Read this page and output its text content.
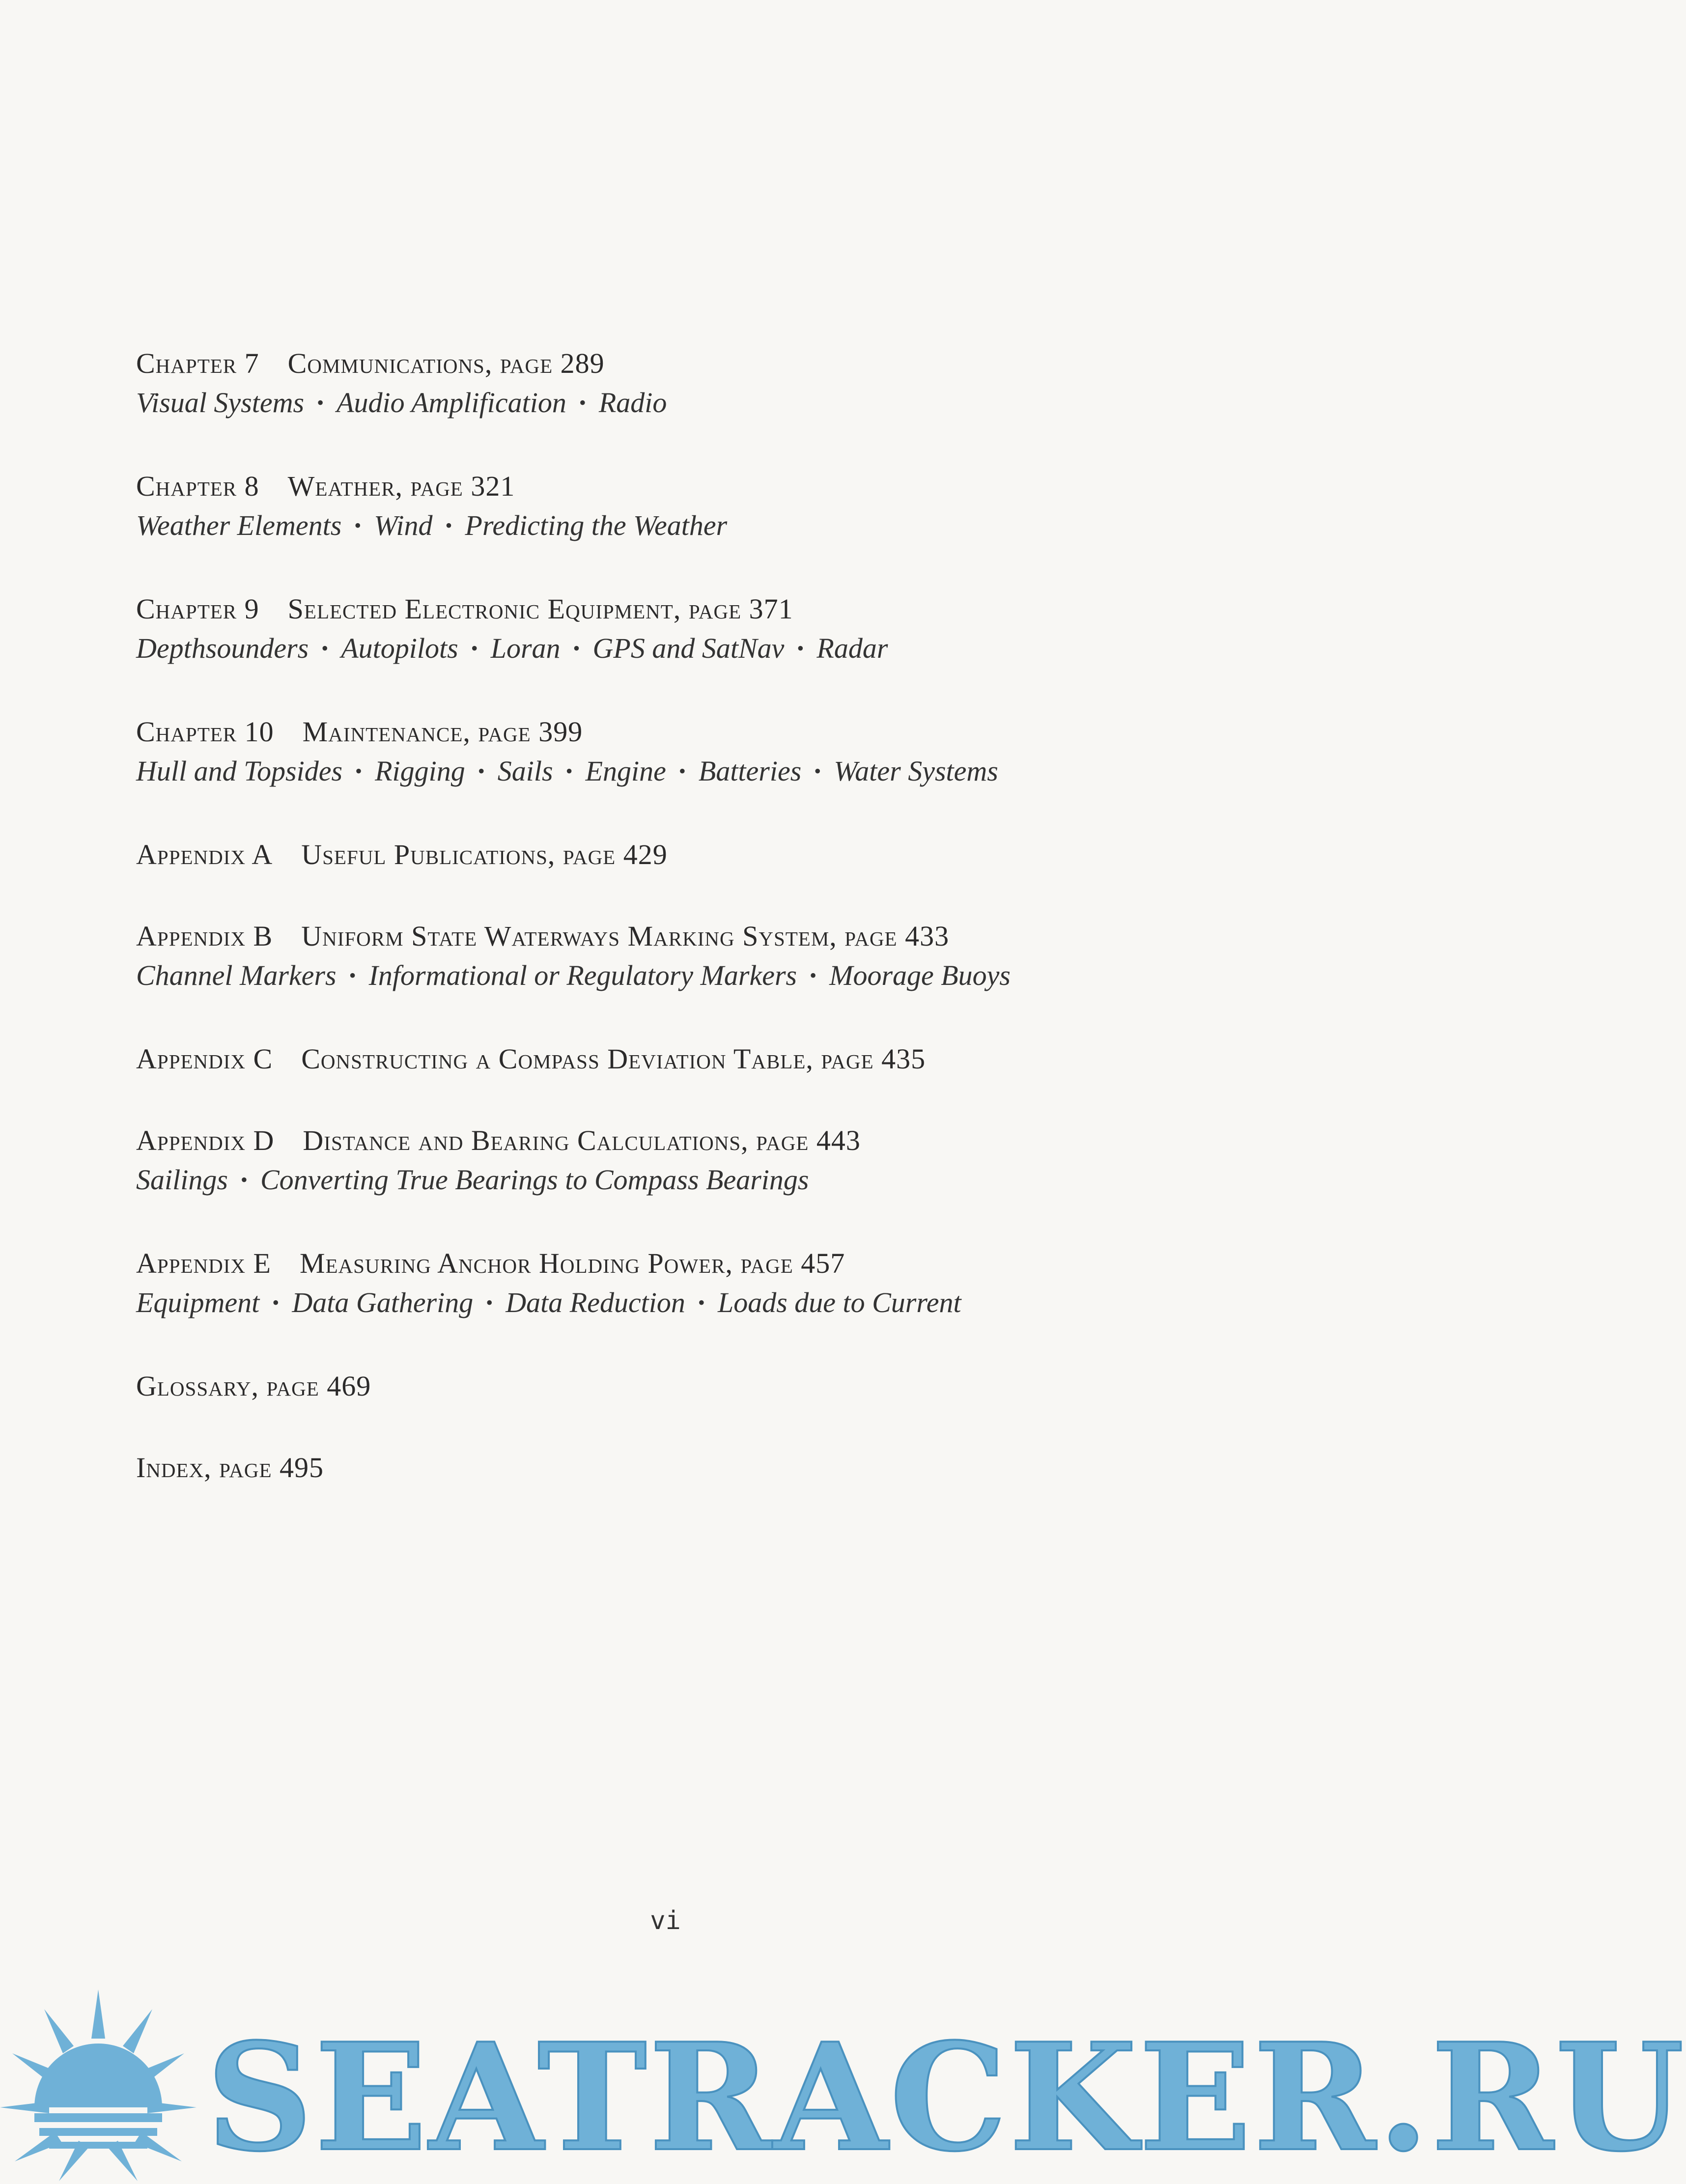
Chapter 7 Communications, page 289
Visual Systems • Audio Amplification • Radio
Chapter 8 Weather, page 321
Weather Elements • Wind • Predicting the Weather
Chapter 9 Selected Electronic Equipment, page 371
Depthsounders • Autopilots • Loran • GPS and SatNav • Radar
Chapter 10 Maintenance, page 399
Hull and Topsides • Rigging • Sails • Engine • Batteries • Water Systems
Appendix A Useful Publications, page 429
Appendix B Uniform State Waterways Marking System, page 433
Channel Markers • Informational or Regulatory Markers • Moorage Buoys
Appendix C Constructing a Compass Deviation Table, page 435
Appendix D Distance and Bearing Calculations, page 443
Sailings • Converting True Bearings to Compass Bearings
Appendix E Measuring Anchor Holding Power, page 457
Equipment • Data Gathering • Data Reduction • Loads due to Current
Glossary, page 469
Index, page 495
vi
SEATRACKER.RU
